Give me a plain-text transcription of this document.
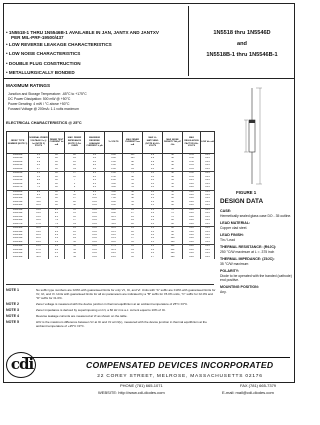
• 1N5518-1 THRU 1N5546B-1 AVAILABLE IN JAN, JANTX AND JANTXV
PER MIL-PRF-19500/437
• LOW REVERSE LEAKAGE CHARACTERISTICS
• LOW NOISE CHARACTERISTICS
• DOUBLE PLUG CONSTRUCTION
• METALLURGICALLY BONDED
1N5518 thru 1N5546D
and
1N5518B-1 thru 1N5546B-1
MAXIMUM RATINGS
Junction and Storage Temperature: -65°C to +175°C
DC Power Dissipation: 500 mW @ +50°C
Power Derating: 4 mW / °C above +50°C
Forward Voltage @ 200mA: 1.1 volts maximum
ELECTRICAL CHARACTERISTICS @ 25°C
JEDEC TYPE NUMBER (NOTE 1)	NOMINAL ZENER VOLTAGE Vz @ Izt (NOTE 2) VOLTS	ZENER TEST CURRENT Izt mA	MAX. ZENER IMPEDANCE (NOTE 3) Zzt OHMS	MAXIMUM REVERSE LEAKAGE CURRENT Ir µA	Vr VOLTS	MAX ZENER CURRENT Izm mA	MAX Vz MATCHING (NOTE 4) ΔVz VOLTS	MAX NOISE DENSITY Nd µV/√Hz	MAX REGULATION FACTOR ΔVz VOLTS	LOW Izk mA
1N5518B	3.3	20	28	5.0	0.90	115	0.9	40	0.55	0.25
1N5519B	3.6	20	24	5.0	0.90	105	0.9	40	0.50	0.25
1N5520B	3.9	20	23	3.0	1.00	98	0.9	40	0.50	0.25
1N5521B	4.3	20	22	2.0	1.00	88	0.9	40	0.45	0.25
1N5522B	4.7	20	19	1.0	1.00	81	1.0	40	0.45	0.25
1N5523B	5.1	20	17	0.5	1.00	75	1.0	40	0.40	0.25
1N5524B	5.6	20	11	0.5	1.50	68	1.0	40	0.35	0.25
1N5525B	6.2	20	7	0.1	2.00	61	1.0	45	0.25	0.25
1N5526B	6.8	20	5	0.1	3.00	56	1.0	50	0.20	0.25
1N5527B	7.5	20	6	0.1	4.00	51	1.0	50	0.20	0.25
1N5528B	8.2	20	8	0.1	5.00	46	1.0	50	0.20	0.25
1N5529B	9.1	20	10	0.1	6.00	42	1.0	50	0.20	0.25
1N5530B	10.0	20	17	0.05	7.00	38	1.1	60	0.20	0.25
1N5531B	11.0	20	22	0.05	8.00	35	1.1	60	0.20	0.25
1N5532B	12.0	20	30	0.05	8.40	32	1.1	60	0.20	0.25
1N5533B	13.0	9.5	13	0.05	9.10	29	1.1	70	0.20	0.25
1N5534B	14.0	9.0	15	0.05	9.80	27	1.2	70	0.20	0.25
1N5535B	15.0	8.5	16	0.05	10.5	25	1.2	70	0.20	0.25
1N5536B	16.0	7.8	17	0.05	11.2	24	1.2	80	0.20	0.25
1N5537B	17.0	7.4	19	0.05	11.9	22	1.3	80	0.20	0.25
1N5538B	18.0	7.0	21	0.05	12.6	21	1.3	80	0.20	0.25
1N5539B	19.0	6.6	23	0.05	13.3	20	1.3	90	0.20	0.25
1N5540B	20.0	6.2	25	0.05	14.0	19	1.4	90	0.20	0.25
1N5541B	22.0	5.6	29	0.05	15.4	17	1.4	100	0.20	0.25
1N5542B	24.0	5.2	33	0.05	16.8	16	1.5	100	0.20	0.25
1N5543B	25.0	5.0	35	0.05	17.5	15	1.5	110	0.20	0.25
1N5544B	27.0	4.6	41	0.05	18.9	14	1.6	110	0.20	0.25
1N5545B	28.0	4.5	44	0.05	19.6	13	1.6	120	0.20	0.25
1N5546B	30.0	4.2	49	0.05	21.0	12	1.7	120	0.20	0.25
FIGURE 1
DESIGN DATA
CASE:
Hermetically sealed glass case DO - 35 outline.
LEAD MATERIAL:
Copper clad steel.
LEAD FINISH:
Tin / Lead
THERMAL RESISTANCE: (RθJC):
250 °C/W maximum at L = .375 inch
THERMAL IMPEDANCE: (ZθJC):
35 °C/W maximum
POLARITY:
Diode to be operated with the banded (cathode) end positive.
MOUNTING POSITION:
Any.
NOTE 1	No suffix type numbers are ±20% with guaranteed limits for only Vz, Izt, and Vr. Units with "A" suffix are ±10% with guaranteed limits for Vz, Izt, and Vr. Units with guaranteed limits for all six parameters are indicated by a "B" suffix for ±5.0% units, "C" suffix for ±2.0% and "D" suffix for ±1.0%.
NOTE 2	Zener voltage is measured with the device junction in thermal equilibrium at an ambient temperature of 25°C ±3°C.
NOTE 3	Zener impedance is derived by superimposing on Izt, a 60 Hz rms a.c. current equal to 10% of Izt.
NOTE 4	Reverse leakage currents are measured at Vr as shown on the table.
NOTE 5	ΔVz is the maximum difference between Vz at Izt and Vz at Izt(L), measured with the device junction in thermal equilibrium at the ambient temperature of +25°C ±3°C.
cdi	COMPENSATED DEVICES INCORPORATED
22 COREY STREET, MELROSE, MASSACHUSETTS 02176
PHONE (781) 665-1071	FAX (781) 665-7379
WEBSITE: http://www.cdi-diodes.com	E-mail: mail@cdi-diodes.com
